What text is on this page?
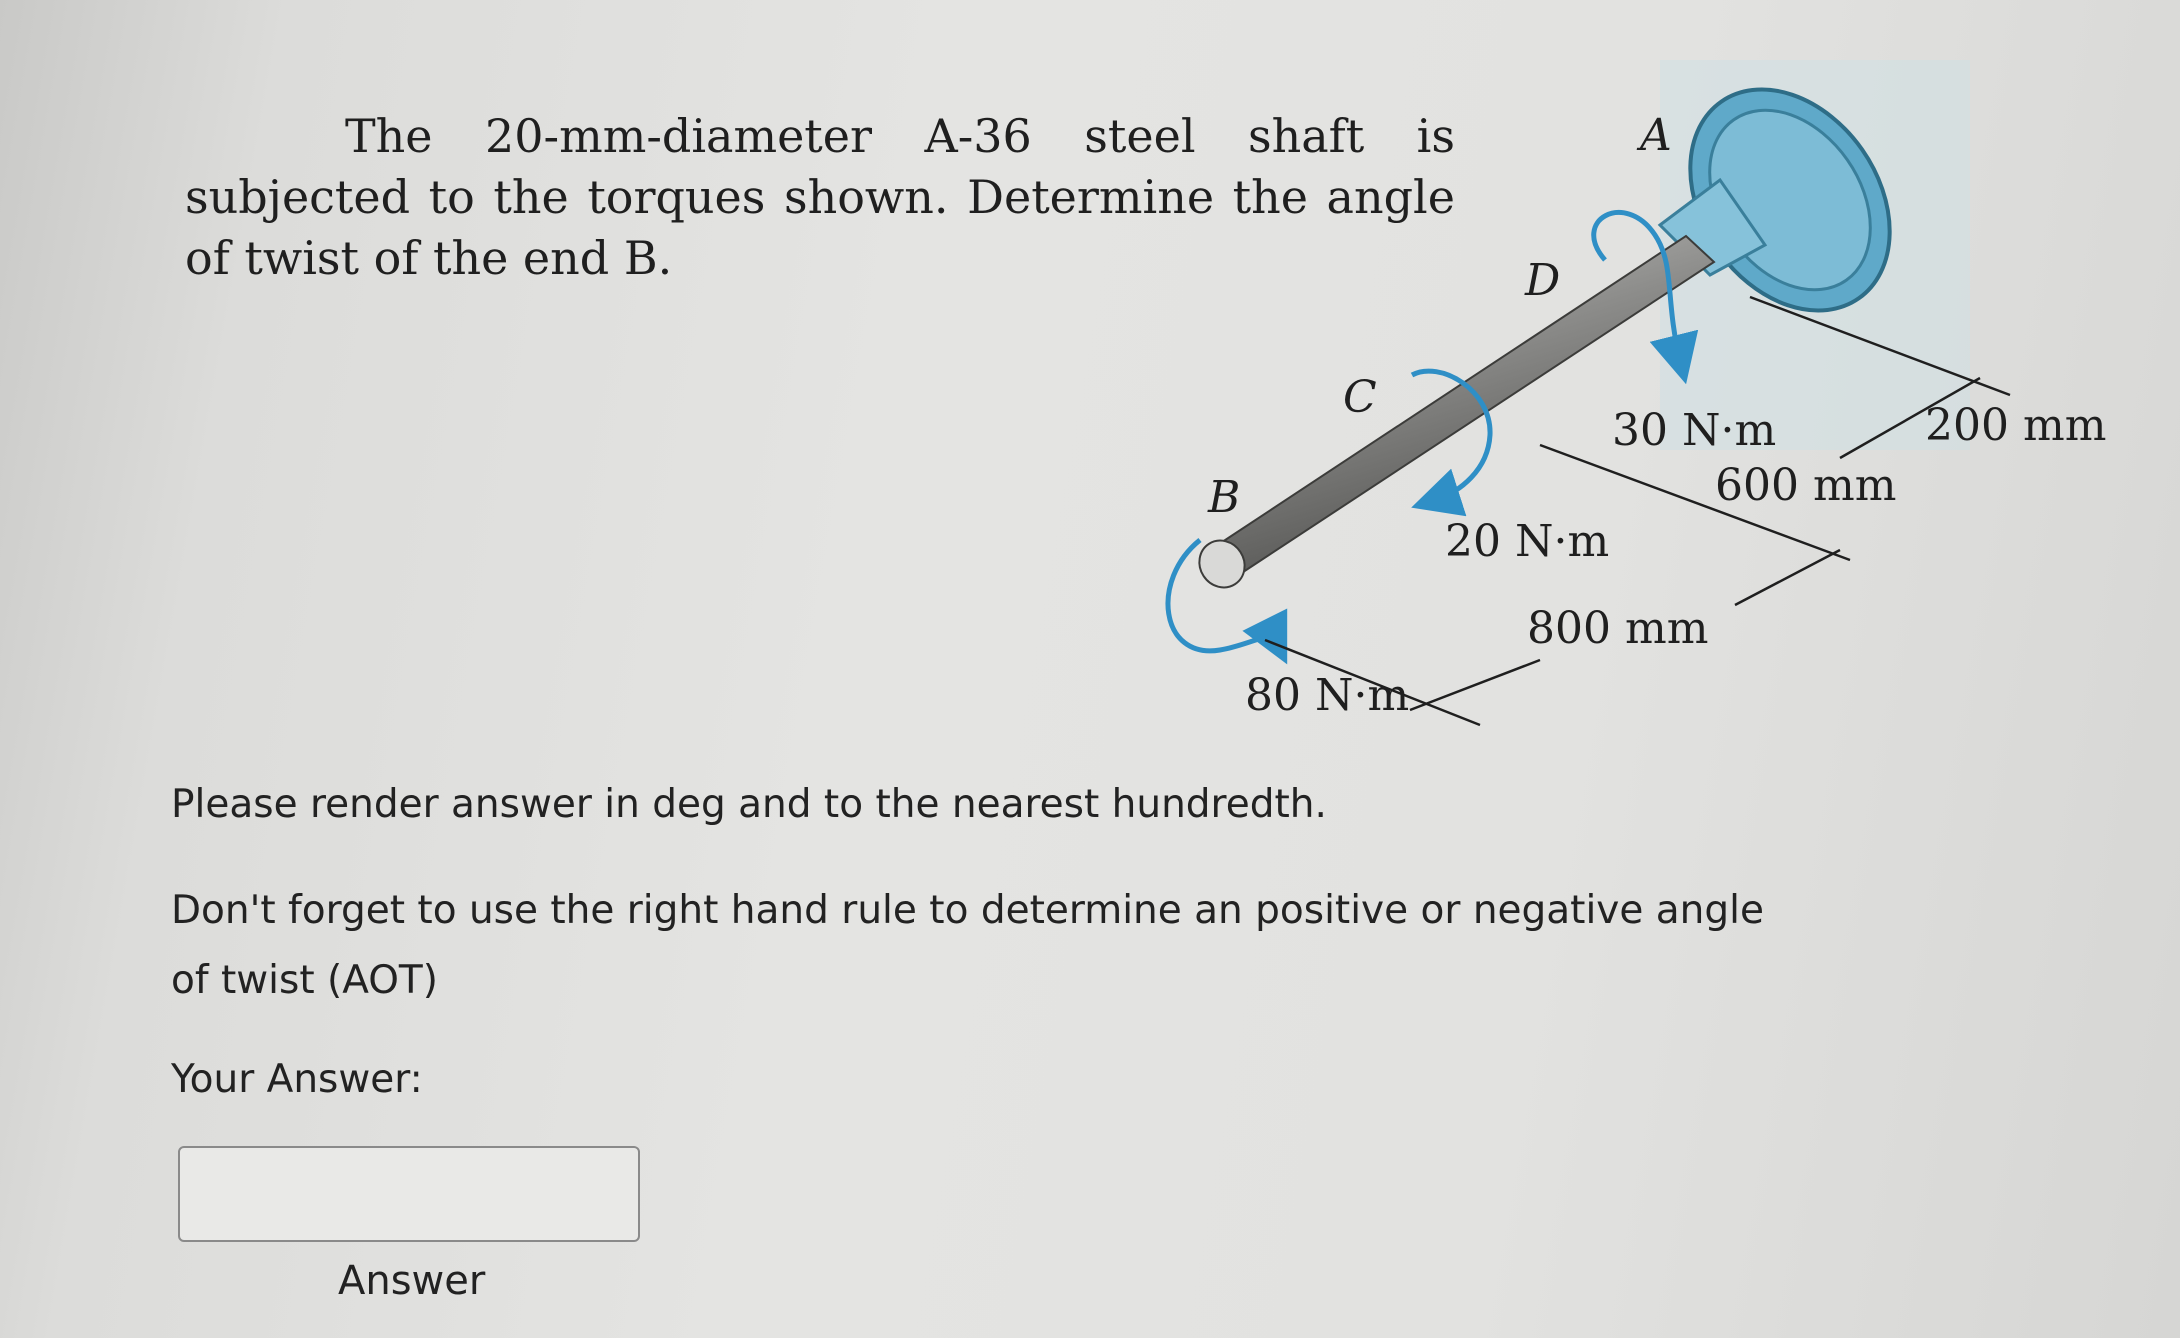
The 20-mm-diameter A-36 steel shaft is subjected to the torques shown. Determine the angle of twist of the end B.
A
D
C
B
30 N·m
20 N·m
80 N·m
200 mm
600 mm
800 mm
Please render answer in deg and to the nearest hundredth.
Don't forget to use the right hand rule to determine an positive or negative angle of twist (AOT)
Your Answer:
Answer
